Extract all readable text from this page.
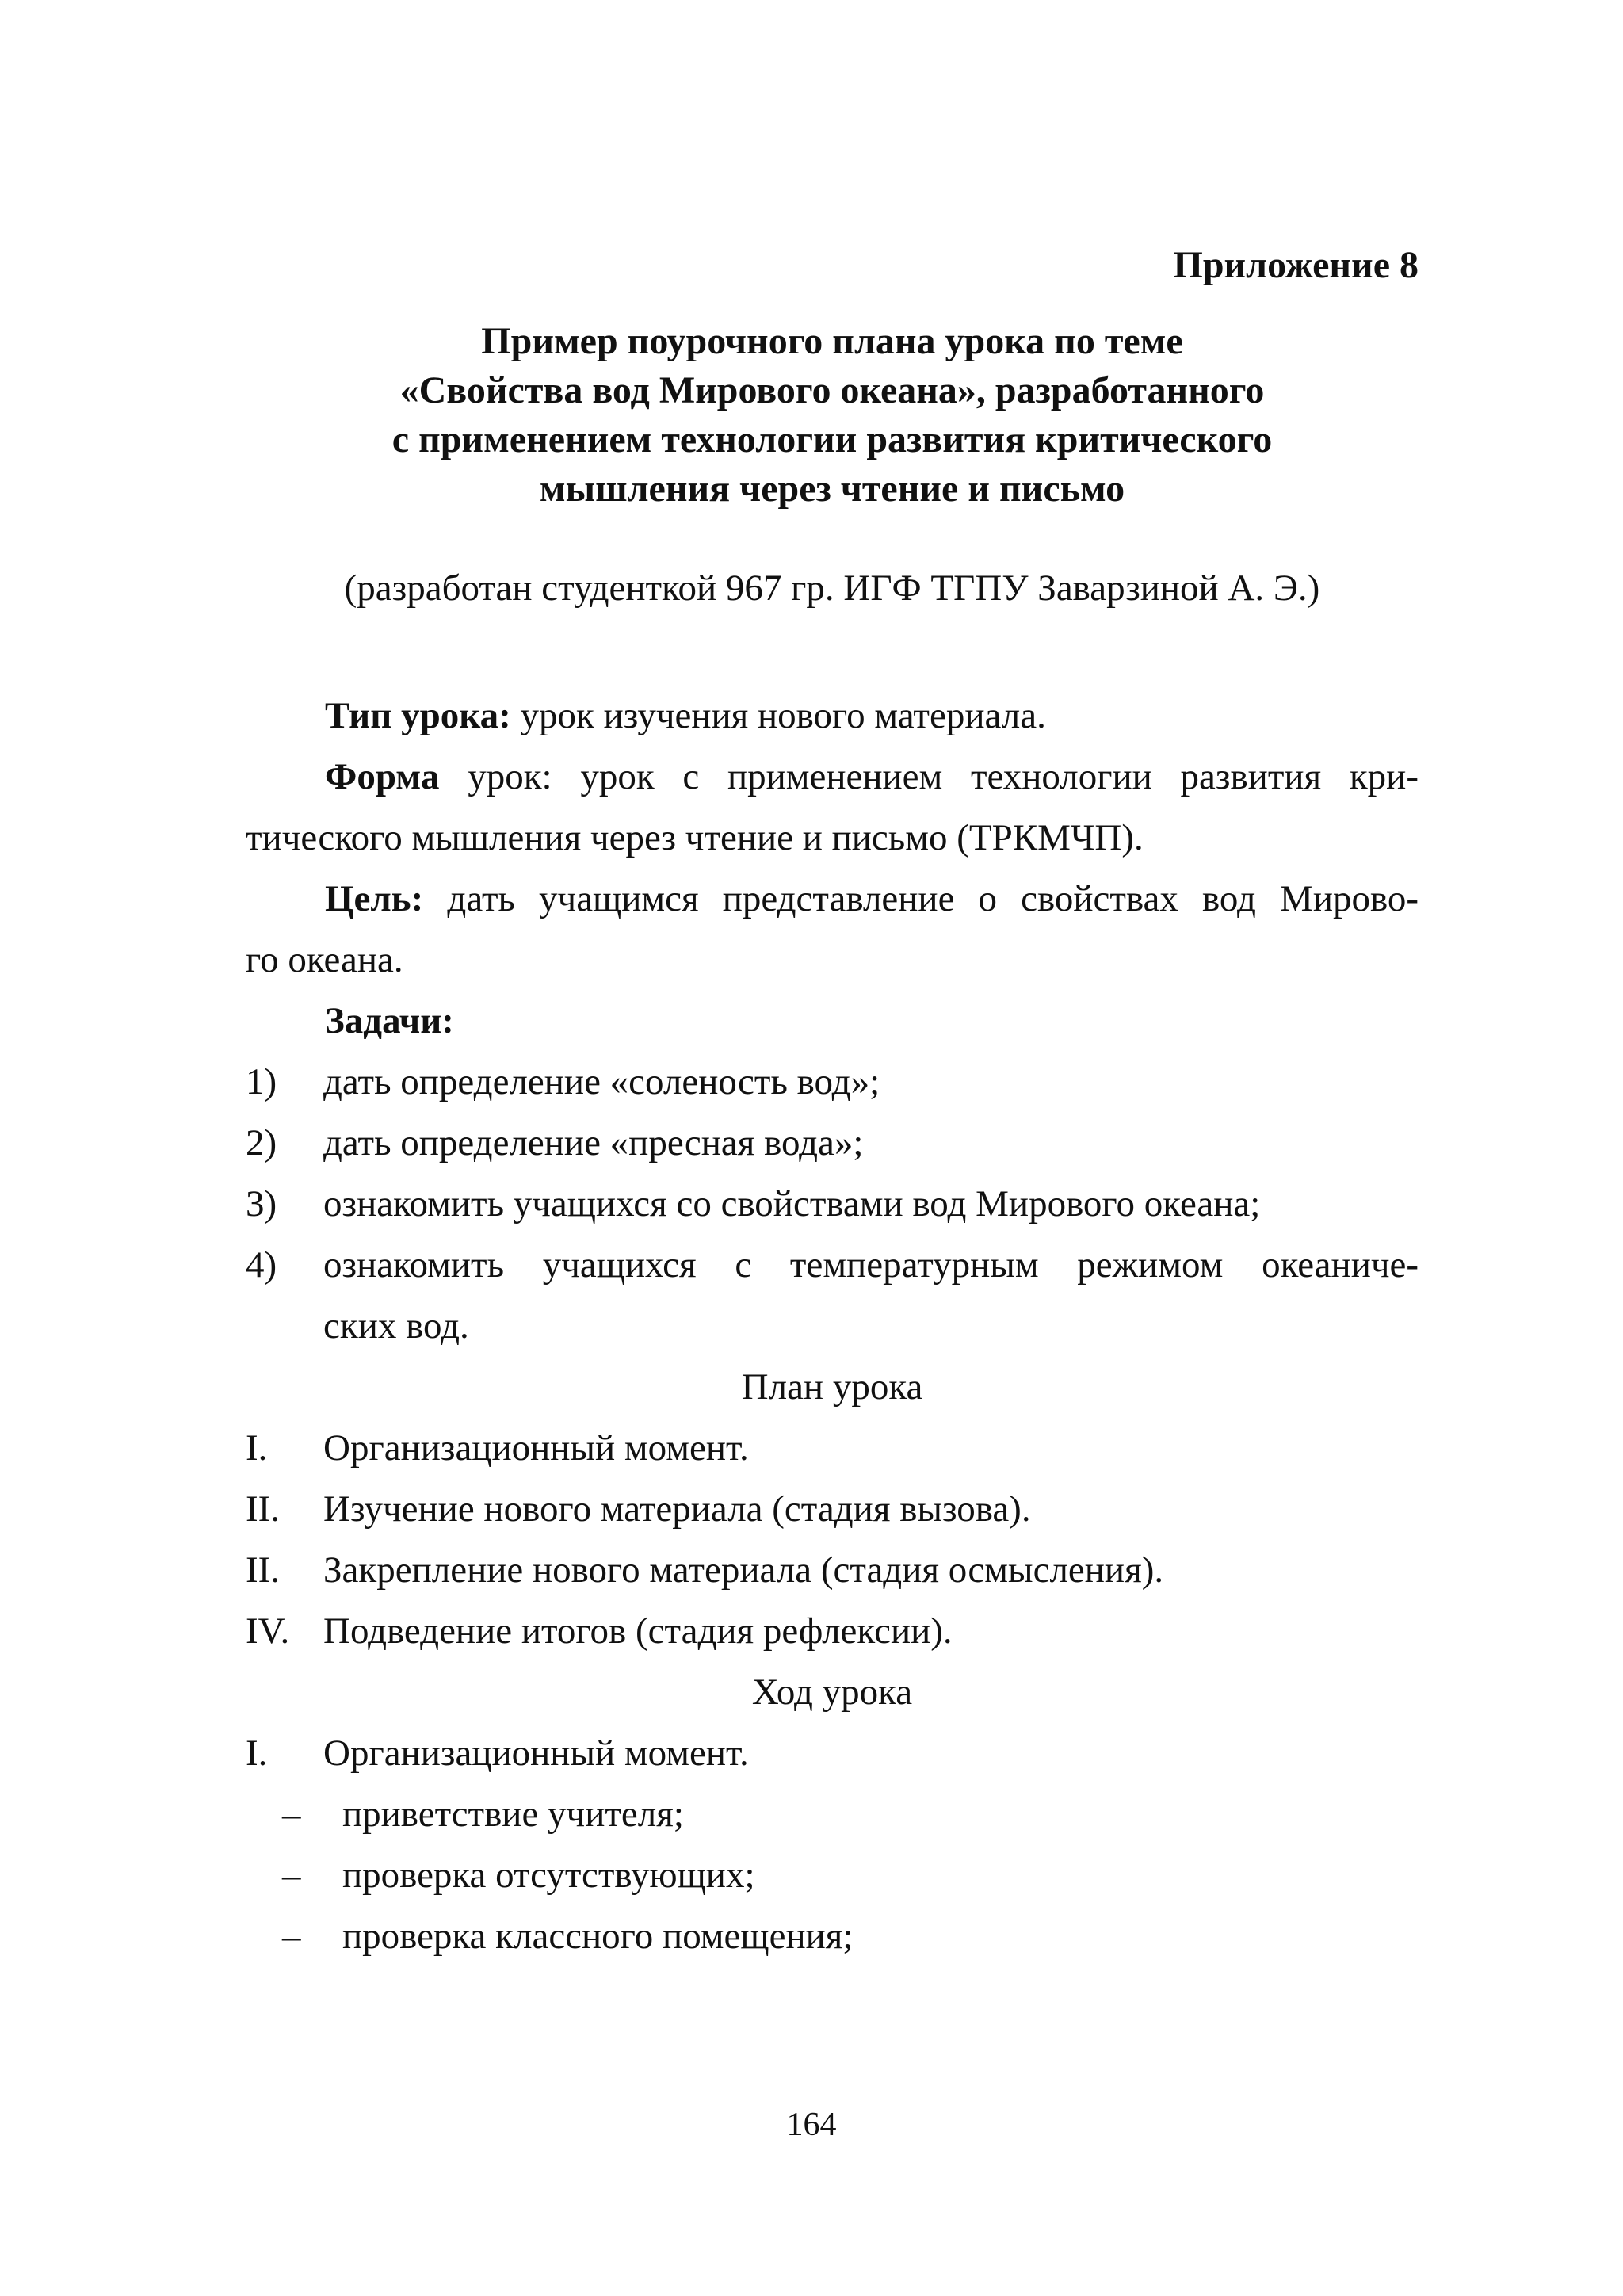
Приложение 8
Пример поурочного плана урока по теме
«Свойства вод Мирового океана», разработанного
с применением технологии развития критического
мышления через чтение и письмо
(разработан студенткой 967 гр. ИГФ ТГПУ Заварзиной А. Э.)
Тип урока: урок изучения нового материала.
Форма урок: урок с применением технологии развития кри-
тического мышления через чтение и письмо (ТРКМЧП).
Цель: дать учащимся представление о свойствах вод Мирово-
го океана.
Задачи:
1) дать определение «соленость вод»;
2) дать определение «пресная вода»;
3) ознакомить учащихся со свойствами вод Мирового океана;
4) ознакомить учащихся с температурным режимом океаниче-
ских вод.
План урока
I. Организационный момент.
II. Изучение нового материала (стадия вызова).
II. Закрепление нового материала (стадия осмысления).
IV. Подведение итогов (стадия рефлексии).
Ход урока
I. Организационный момент.
– приветствие учителя;
– проверка отсутствующих;
– проверка классного помещения;
164
